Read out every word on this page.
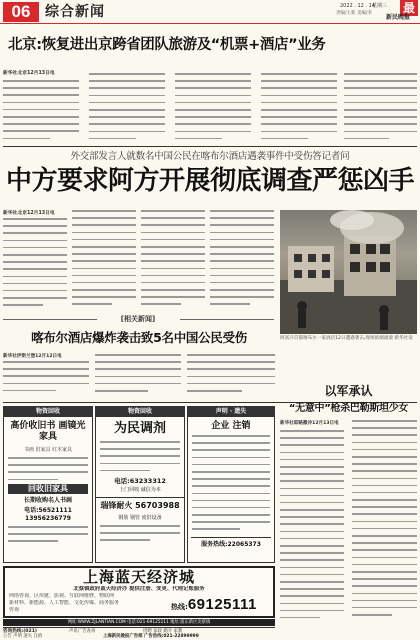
06	综合新闻	2022 . 12 . 14
星期三
责编/王新 美编/李	最
新民晚报
北京:恢复进出京跨省团队旅游及“机票+酒店”业务
新华社北京12月13日电
外交部发言人就数名中国公民在喀布尔酒店遇袭事件中受伤答记者问
中方要求阿方开展彻底调查严惩凶手
新华社北京12月13日电
阿富汗首都喀布尔一家酒店12日遭遇袭击,现场浓烟滚滚 新华社发
[相关新闻]
喀布尔酒店爆炸袭击致5名中国公民受伤
新华社伊斯兰堡12月12日电
物资回收
高价收旧书 画镜光家具
书画 旧家具 红木家具
回收旧家具
长期收购名人书画
电话:56521111
13956236779
物资回收
为民调剂
电话:63233312
上门回收 诚信为本
瑞锋耐火 56703988
钢筋 钢管 废旧设备
声明 · 遗失
企业 注销
服务热线:22065373
以军承认
“无意中”枪杀巴勒斯坦少女
新华社耶路撒冷12月13日电
上海蓝天经济城
北蔡镇政府蓝天经济办 提供注册、变更、代理记账服务
网络咨询、区块链、影视、互联网维修、物联网
新材料、新能源、人工智能、文化传媒、商务服务
咨询	热线:69125111
网址:WWW.ZJLANTIAN.COM 电话:021-69125111 地址:浦东新区北蔡镇
咨询热线:(021)	声讯广告查询	招聘 家政 婚介 家教
公告 声明 遗失 注销	上海新民晚报广告部 广告热线:021-22899999
